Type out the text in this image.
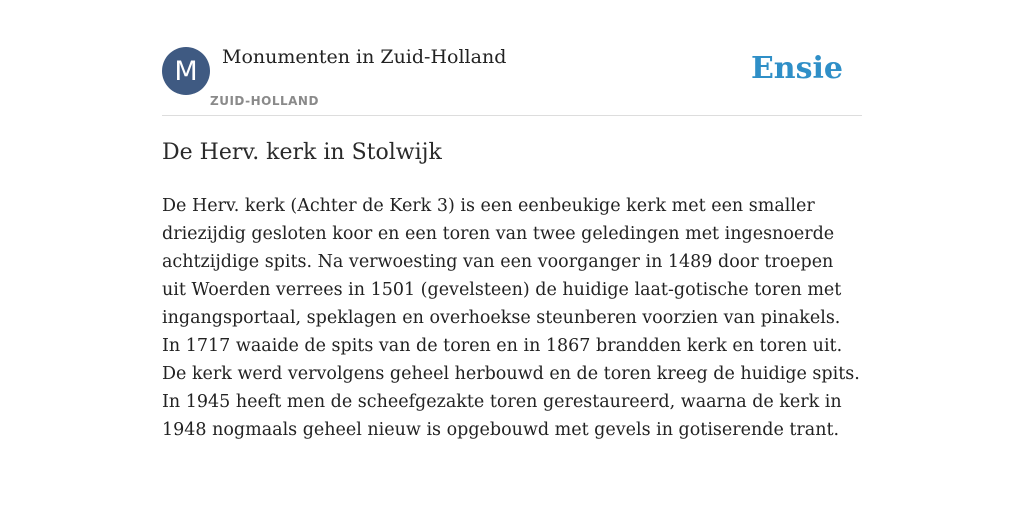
M Monumenten in Zuid-Holland
ZUID-HOLLAND
Ensie
De Herv. kerk in Stolwijk

De Herv. kerk (Achter de Kerk 3) is een eenbeukige kerk met een smaller driezijdig gesloten koor en een toren van twee geledingen met ingesnoerde achtzijdige spits. Na verwoesting van een voorganger in 1489 door troepen uit Woerden verrees in 1501 (gevelsteen) de huidige laat-gotische toren met ingangsportaal, speklagen en overhoekse steunberen voorzien van pinakels. In 1717 waaide de spits van de toren en in 1867 brandden kerk en toren uit. De kerk werd vervolgens geheel herbouwd en de toren kreeg de huidige spits. In 1945 heeft men de scheefgezakte toren gerestaureerd, waarna de kerk in 1948 nogmaals geheel nieuw is opgebouwd met gevels in gotiserende trant.
